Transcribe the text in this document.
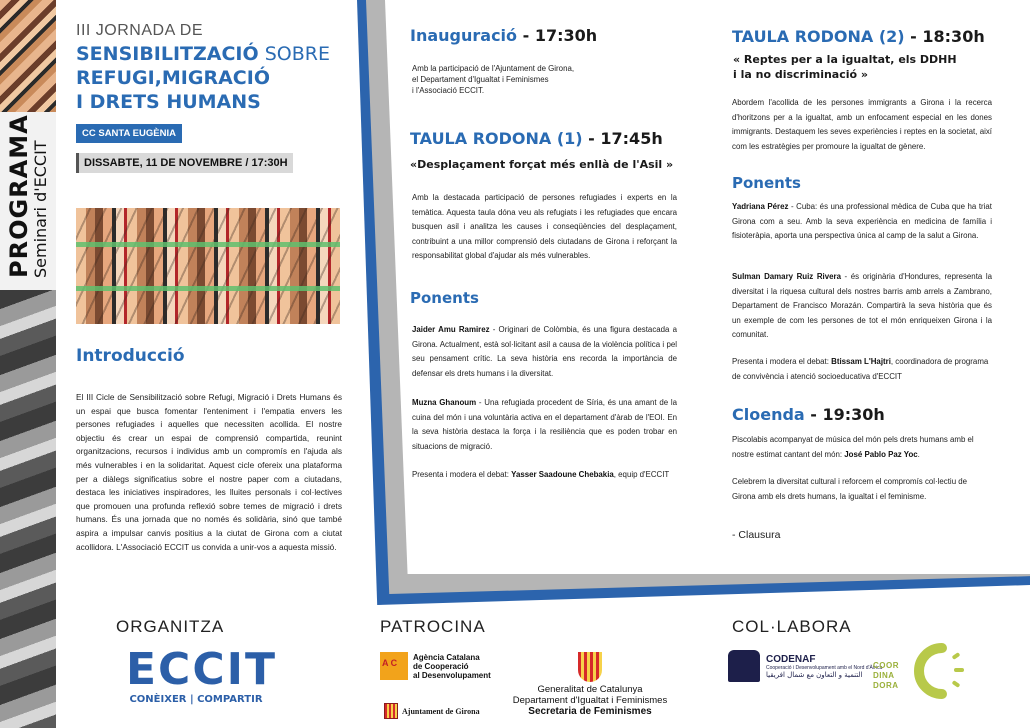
PROGRAMA
Seminari d'ECCIT
III JORNADA DE
SENSIBILITZACIÓ SOBRE
REFUGI,MIGRACIÓ
I DRETS HUMANS
CC SANTA EUGÈNIA
DISSABTE, 11 DE NOVEMBRE / 17:30H
Introducció
El III Cicle de Sensibilització sobre Refugi, Migració i Drets Humans és un espai que busca fomentar l'enteniment i l'empatia envers les persones refugiades i aquelles que necessiten acollida. El nostre objectiu és crear un espai de comprensió compartida, reunint organitzacions, recursos i individus amb un compromís en l'ajuda als més vulnerables i en la solidaritat. Aquest cicle ofereix una plataforma per a diàlegs significatius sobre el nostre paper com a ciutadans, destaca les iniciatives inspiradores, les lluites personals i col·lectives que promouen una profunda reflexió sobre temes de migració i drets humans. És una jornada que no només és solidària, sinó que també aspira a impulsar canvis positius a la ciutat de Girona com a ciutat acollidora. L'Associació ECCIT us convida a unir-vos a aquesta missió.
Inauguració - 17:30h
Amb la participació de l'Ajuntament de Girona,
el Departament d'Igualtat i Feminismes
i l'Associació ECCIT.
TAULA RODONA (1) - 17:45h
«Desplaçament forçat més enllà de l'Asil »
Amb la destacada participació de persones refugiades i experts en la temàtica. Aquesta taula dóna veu als refugiats i les refugiades que encara busquen asil i analitza les causes i conseqüències del desplaçament, contribuint a una millor comprensió dels ciutadans de Girona i reforçant la responsabilitat global d'ajudar als més vulnerables.
Ponents
Jaider Amu Ramirez - Originari de Colòmbia, és una figura destacada a Girona. Actualment, està sol·licitant asil a causa de la violència política i pel seu pensament crític. La seva història ens recorda la importància de defensar els drets humans i la diversitat.
Muzna Ghanoum - Una refugiada procedent de Síria, és una amant de la cuina del món i una voluntària activa en el departament d'àrab de l'EOI. En la seva història destaca la força i la resiliència que es poden trobar en situacions de migració.
Presenta i modera el debat: Yasser Saadoune Chebakia, equip d'ECCIT
TAULA RODONA (2) - 18:30h
« Reptes per a la igualtat, els DDHH
i la no discriminació »
Abordem l'acollida de les persones immigrants a Girona i la recerca d'horitzons per a la igualtat, amb un enfocament especial en les dones immigrants. Destaquem les seves experiències i reptes en la societat, així com les estratègies per promoure la igualtat de gènere.
Ponents
Yadriana Pérez - Cuba: és una professional mèdica de Cuba que ha triat Girona com a seu. Amb la seva experiència en medicina de família i fisioteràpia, aporta una perspectiva única al camp de la salut a Girona.
Sulman Damary Ruiz Rivera - és originària d'Hondures, representa la diversitat i la riquesa cultural dels nostres barris amb arrels a Zambrano, Departament de Francisco Morazán. Compartirà la seva història que és un exemple de com les persones de tot el món enriqueixen Girona i la comunitat.
Presenta i modera el debat: Btissam L'Hajtri, coordinadora de programa de convivència i atenció socioeducativa d'ECCIT
Cloenda - 19:30h
Piscolabis acompanyat de música del món pels drets humans amb el nostre estimat cantant del món: José Pablo Paz Yoc.
Celebrem la diversitat cultural i reforcem el compromís col·lectiu de Girona amb els drets humans, la igualtat i el feminisme.
- Clausura
ORGANITZA	PATROCINA	COL·LABORA
ECCIT
CONÈIXER | COMPARTIR
A C
Agència Catalana
de Cooperació
al Desenvolupament
Ajuntament de Girona
Generalitat de Catalunya
Departament d'Igualtat i Feminismes
Secretaria de Feminismes
CODENAF
Cooperació i Desenvolupament amb el Nord d'Àfrica
التنمية و التعاون مع شمال افريقيا
COOR
DINA
DORA
